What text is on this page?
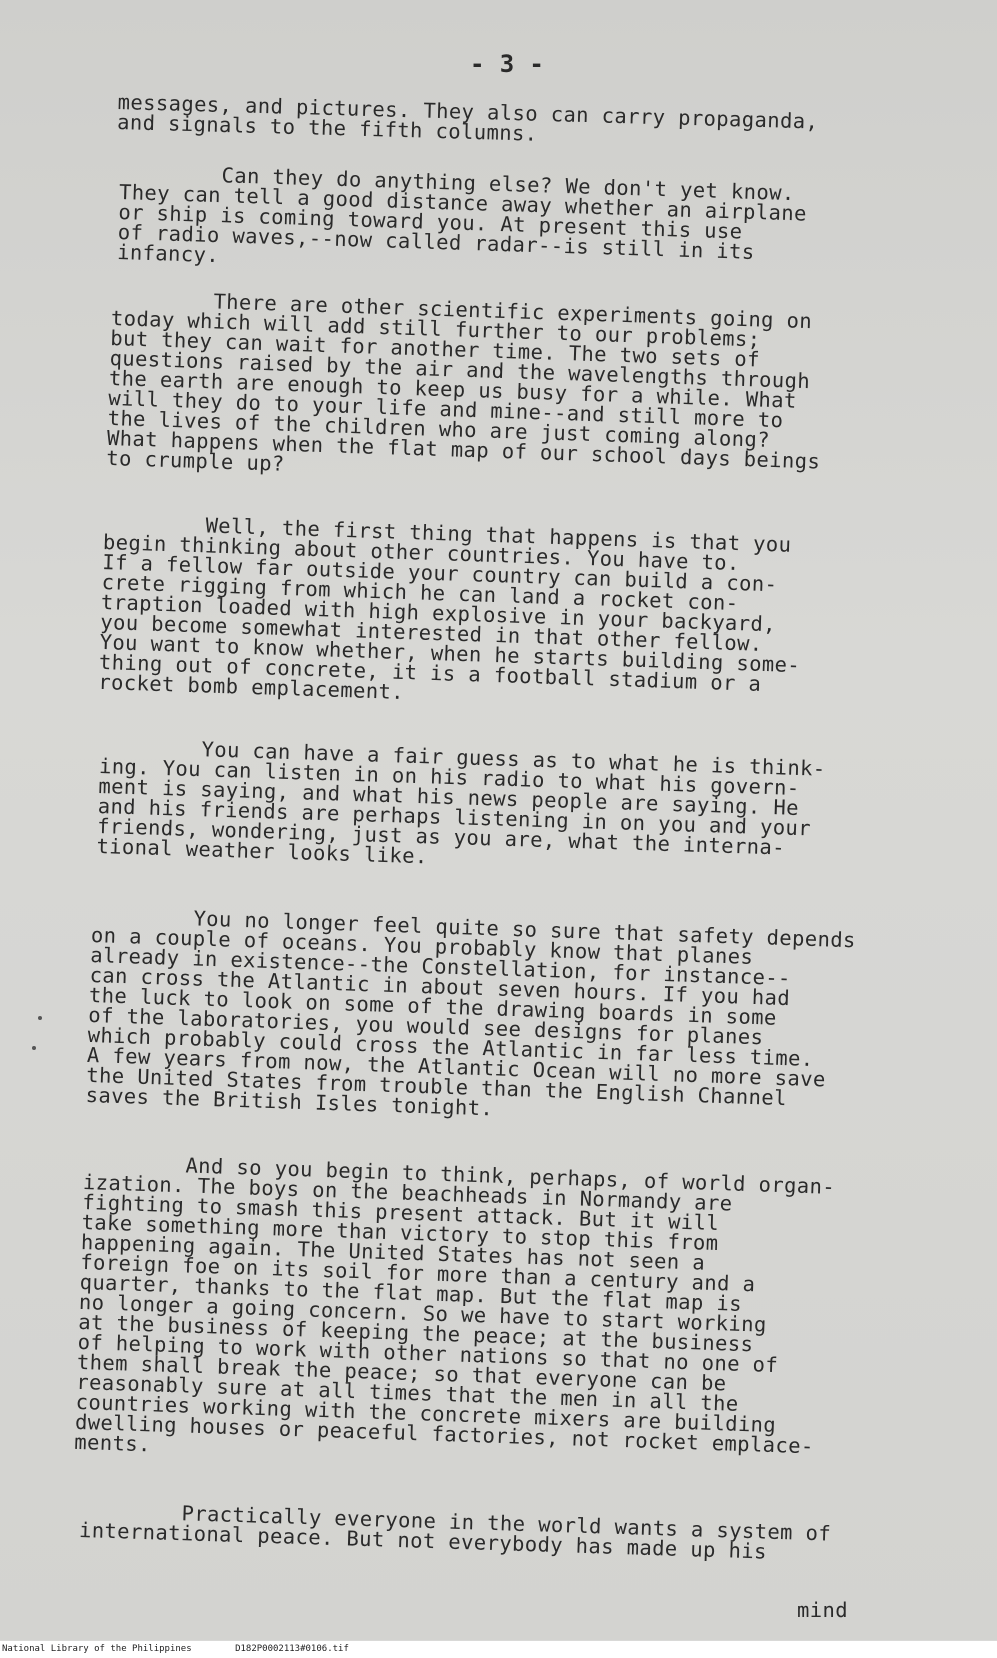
- 3 -

messages, and pictures. They also can carry propaganda,
and signals to the fifth columns.

Can they do anything else? We don't yet know.
They can tell a good distance away whether an airplane
or ship is coming toward you. At present this use
of radio waves,--now called radar--is still in its
infancy.

There are other scientific experiments going on
today which will add still further to our problems;
but they can wait for another time. The two sets of
questions raised by the air and the wavelengths through
the earth are enough to keep us busy for a while. What
will they do to your life and mine--and still more to
the lives of the children who are just coming along?
What happens when the flat map of our school days beings
to crumple up?

Well, the first thing that happens is that you
begin thinking about other countries. You have to.
If a fellow far outside your country can build a con-
crete rigging from which he can land a rocket con-
traption loaded with high explosive in your backyard,
you become somewhat interested in that other fellow.
You want to know whether, when he starts building some-
thing out of concrete, it is a football stadium or a
rocket bomb emplacement.

You can have a fair guess as to what he is think-
ing. You can listen in on his radio to what his govern-
ment is saying, and what his news people are saying. He
and his friends are perhaps listening in on you and your
friends, wondering, just as you are, what the interna-
tional weather looks like.

You no longer feel quite so sure that safety depends
on a couple of oceans. You probably know that planes
already in existence--the Constellation, for instance--
can cross the Atlantic in about seven hours. If you had
the luck to look on some of the drawing boards in some
of the laboratories, you would see designs for planes
which probably could cross the Atlantic in far less time.
A few years from now, the Atlantic Ocean will no more save
the United States from trouble than the English Channel
saves the British Isles tonight.

And so you begin to think, perhaps, of world organ-
ization. The boys on the beachheads in Normandy are
fighting to smash this present attack. But it will
take something more than victory to stop this from
happening again. The United States has not seen a
foreign foe on its soil for more than a century and a
quarter, thanks to the flat map. But the flat map is
no longer a going concern. So we have to start working
at the business of keeping the peace; at the business
of helping to work with other nations so that no one of
them shall break the peace; so that everyone can be
reasonably sure at all times that the men in all the
countries working with the concrete mixers are building
dwelling houses or peaceful factories, not rocket emplace-
ments.

Practically everyone in the world wants a system of
international peace. But not everybody has made up his

mind
National Library of the Philippines	D182P0002113#0106.tif
